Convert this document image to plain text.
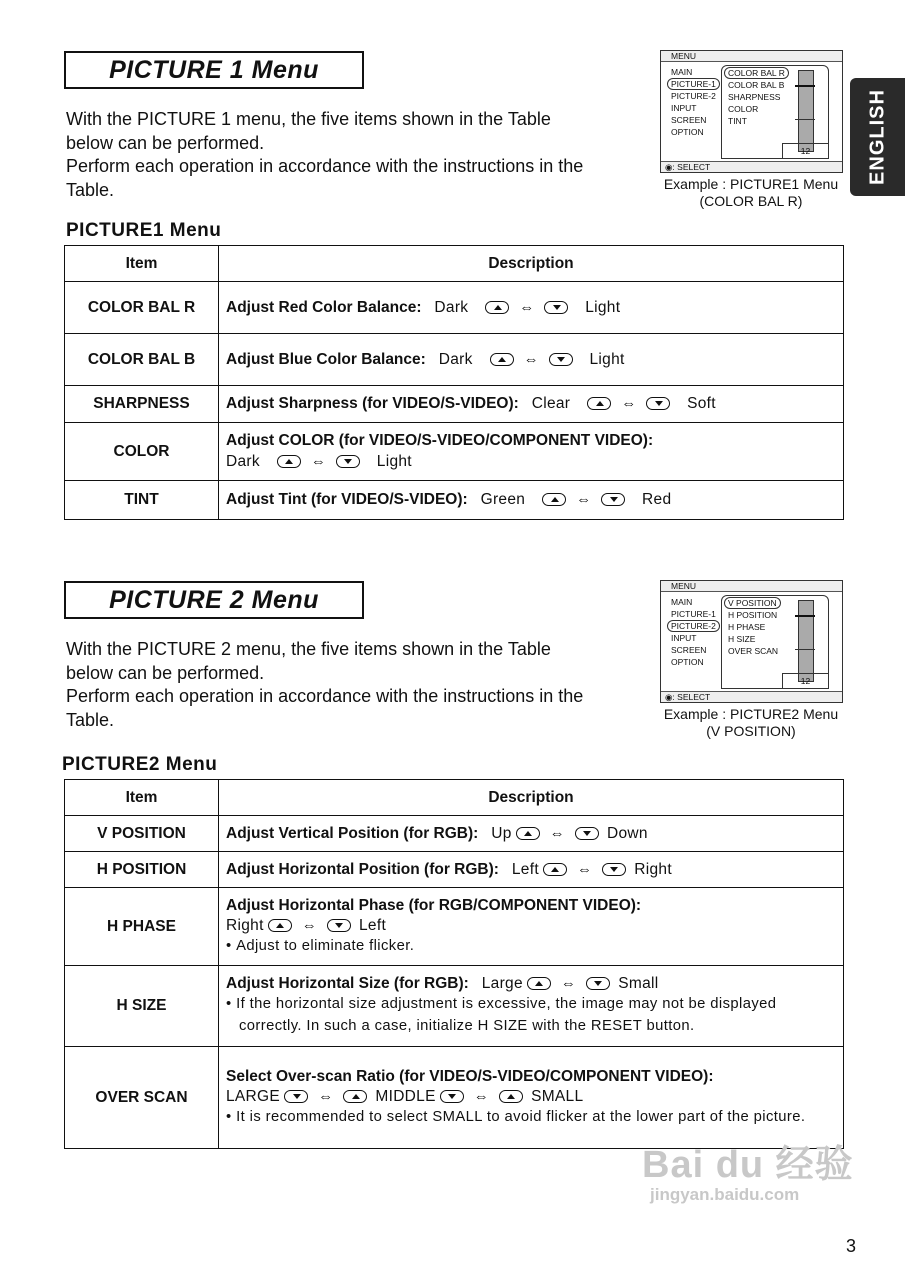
ENGLISH
PICTURE 1 Menu
With the PICTURE 1 menu, the five items shown in the Table
below can be performed.
Perform each operation in accordance with the instructions in the
Table.
MENU
MAIN
PICTURE-1
PICTURE-2
INPUT
SCREEN
OPTION
COLOR BAL R
COLOR BAL B
SHARPNESS
COLOR
TINT
12
◉: SELECT
Example : PICTURE1 Menu
(COLOR BAL R)
PICTURE1 Menu
Item	Description
COLOR BAL R	Adjust Red Color Balance: Dark ⇔ Light
COLOR BAL B	Adjust Blue Color Balance: Dark ⇔ Light
SHARPNESS	Adjust Sharpness (for VIDEO/S-VIDEO): Clear ⇔ Soft
COLOR	Adjust COLOR (for VIDEO/S-VIDEO/COMPONENT VIDEO):
Dark ⇔ Light

TINT	Adjust Tint (for VIDEO/S-VIDEO): Green ⇔ Red
PICTURE 2 Menu
With the PICTURE 2 menu, the five items shown in the Table
below can be performed.
Perform each operation in accordance with the instructions in the
Table.
MENU
MAIN
PICTURE-1
PICTURE-2
INPUT
SCREEN
OPTION
V POSITION
H POSITION
H PHASE
H SIZE
OVER SCAN
12
◉: SELECT
Example : PICTURE2 Menu
(V POSITION)
PICTURE2 Menu
Item	Description
V POSITION	Adjust Vertical Position (for RGB): Up ⇔ Down
H POSITION	Adjust Horizontal Position (for RGB): Left ⇔ Right
H PHASE	Adjust Horizontal Phase (for RGB/COMPONENT VIDEO):
Right ⇔ Left
• Adjust to eliminate flicker.

H SIZE	Adjust Horizontal Size (for RGB): Large ⇔ Small
• If the horizontal size adjustment is excessive, the image may not be displayed correctly. In such a case, initialize H SIZE with the RESET button.

OVER SCAN	Select Over-scan Ratio (for VIDEO/S-VIDEO/COMPONENT VIDEO):
LARGE ⇔ MIDDLE ⇔ SMALL
• It is recommended to select SMALL to avoid flicker at the lower part of the picture.
Bai du 经验
jingyan.baidu.com
3
